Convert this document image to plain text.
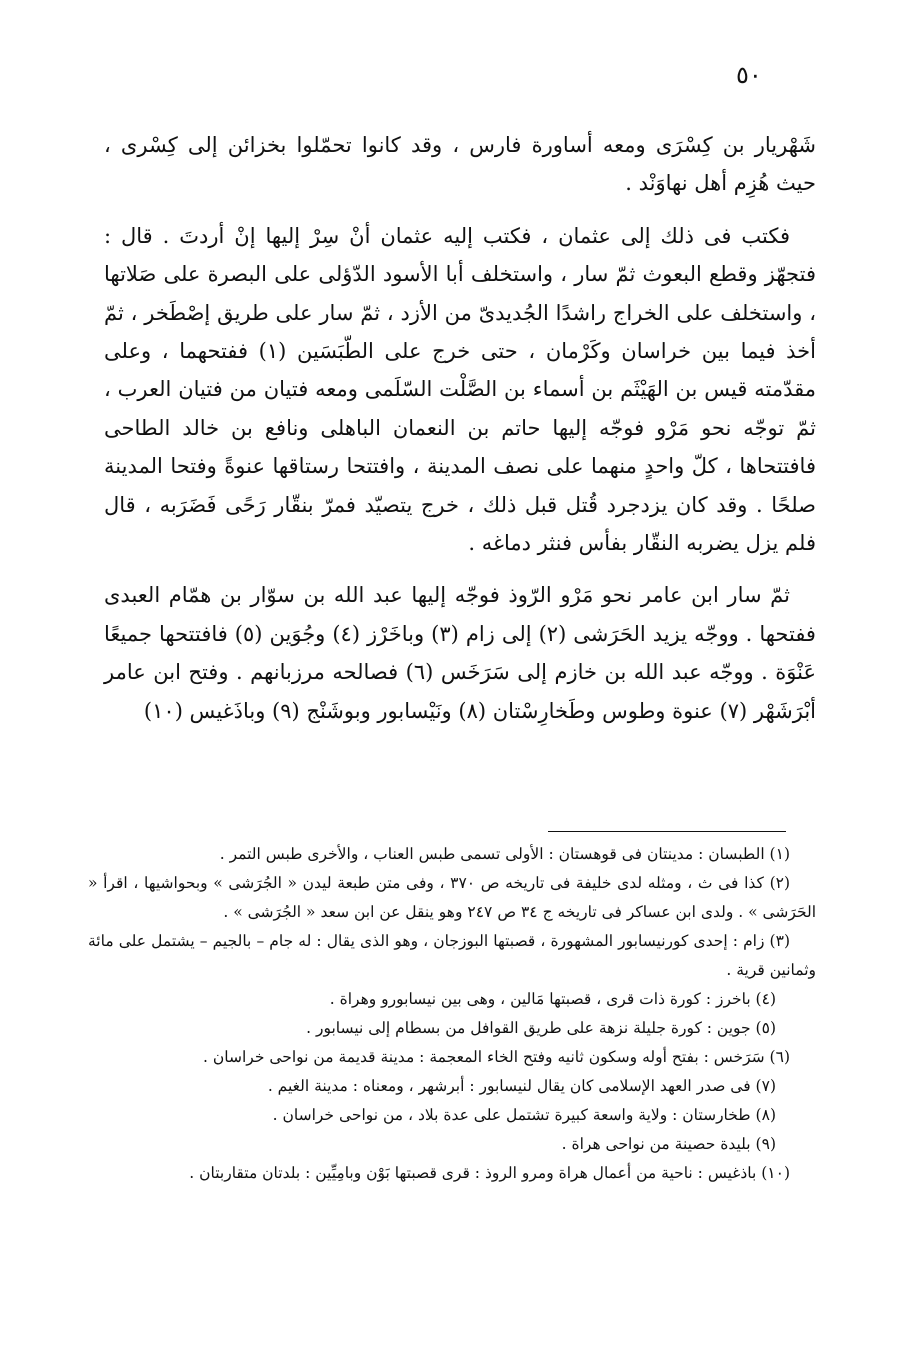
٥٠

شَهْريار بن كِسْرَى ومعه أساورة فارس ، وقد كانوا تحمّلوا بخزائن إلى كِسْرى ، حيث هُزِم أهل نهاوَنْد .

فكتب فى ذلك إلى عثمان ، فكتب إليه عثمان أنْ سِرْ إليها إنْ أردتَ . قال : فتجهّز وقطع البعوث ثمّ سار ، واستخلف أبا الأسود الدّؤلى على البصرة على صَلاتها ، واستخلف على الخراج راشدًا الجُديدىّ من الأزد ، ثمّ سار على طريق إصْطَخر ، ثمّ أخذ فيما بين خراسان وكَرْمان ، حتى خرج على الطّبَسَين (١) ففتحهما ، وعلى مقدّمته قيس بن الهَيْثَم بن أسماء بن الصَّلْت السّلَمى ومعه فتيان من فتيان العرب ، ثمّ توجّه نحو مَرْو فوجّه إليها حاتم بن النعمان الباهلى ونافع بن خالد الطاحى فافتتحاها ، كلّ واحدٍ منهما على نصف المدينة ، وافتتحا رستاقها عنوةً وفتحا المدينة صلحًا . وقد كان يزدجرد قُتل قبل ذلك ، خرج يتصيّد فمرّ بنقّار رَحًى فَضَرَبه ، قال فلم يزل يضربه النقّار بفأس فنثر دماغه .

ثمّ سار ابن عامر نحو مَرْو الرّوذ فوجّه إليها عبد الله بن سوّار بن همّام العبدى ففتحها . ووجّه يزيد الحَرَشى (٢) إلى زام (٣) وباخَرْز (٤) وجُوَين (٥) فافتتحها جميعًا عَنْوَة . ووجّه عبد الله بن خازم إلى سَرَخَس (٦) فصالحه مرزبانهم . وفتح ابن عامر أبْرَشَهْر (٧) عنوة وطوس وطَخارِسْتان (٨) ونَيْسابور وبوشَنْج (٩) وباذَغيس (١٠)

(١) الطبسان : مدينتان فى قوهستان : الأولى تسمى طبس العناب ، والأخرى طبس التمر .

(٢) كذا فى ث ، ومثله لدى خليفة فى تاريخه ص ٣٧٠ ، وفى متن طبعة ليدن « الجُرَشى » وبحواشيها ، اقرأ « الحَرَشى » . ولدى ابن عساكر فى تاريخه ج ٣٤ ص ٢٤٧ وهو ينقل عن ابن سعد « الجُرَشى » .

(٣) زام : إحدى كورنيسابور المشهورة ، قصبتها البوزجان ، وهو الذى يقال : له جام – بالجيم – يشتمل على مائة وثمانين قرية .

(٤) باخرز : كورة ذات قرى ، قصبتها مَالين ، وهى بين نيسابورو وهراة .

(٥) جوين : كورة جليلة نزهة على طريق القوافل من بسطام إلى نيسابور .

(٦) سَرَخس : بفتح أوله وسكون ثانيه وفتح الخاء المعجمة : مدينة قديمة من نواحى خراسان .

(٧) فى صدر العهد الإسلامى كان يقال لنيسابور : أبرشهر ، ومعناه : مدينة الغيم .

(٨) طخارستان : ولاية واسعة كبيرة تشتمل على عدة بلاد ، من نواحى خراسان .

(٩) بليدة حصينة من نواحى هراة .

(١٠) باذغيس : ناحية من أعمال هراة ومرو الروذ : قرى قصبتها بَوْن وبامِيِّين : بلدتان متقاربتان .
